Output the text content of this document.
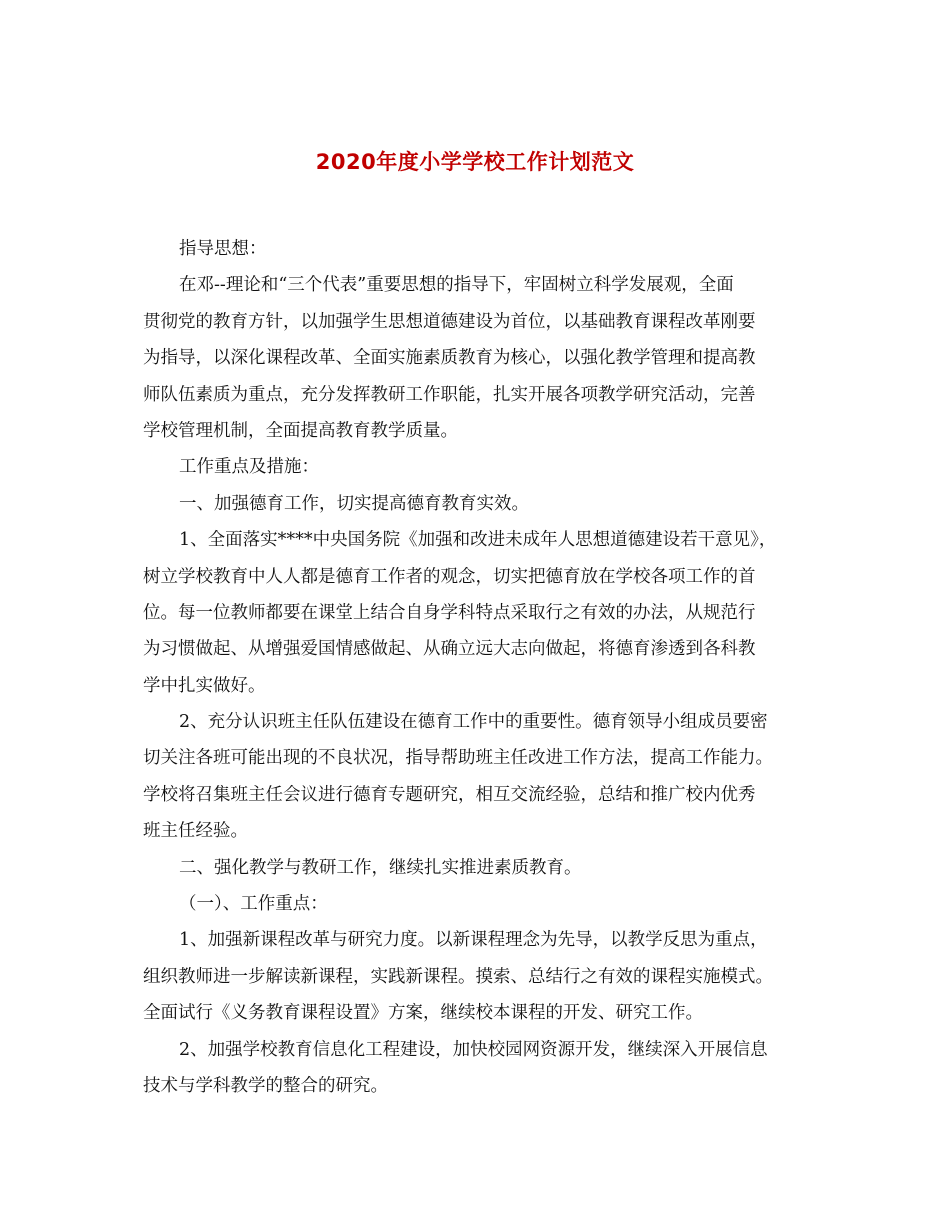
2020年度小学学校工作计划范文
指导思想：
在邓--理论和“三个代表”重要思想的指导下，牢固树立科学发展观，全面
贯彻党的教育方针，以加强学生思想道德建设为首位，以基础教育课程改革刚要
为指导，以深化课程改革、全面实施素质教育为核心，以强化教学管理和提高教
师队伍素质为重点，充分发挥教研工作职能，扎实开展各项教学研究活动，完善
学校管理机制，全面提高教育教学质量。
工作重点及措施：
一、加强德育工作，切实提高德育教育实效。
1、全面落实****中央国务院《加强和改进未成年人思想道德建设若干意见》，
树立学校教育中人人都是德育工作者的观念，切实把德育放在学校各项工作的首
位。每一位教师都要在课堂上结合自身学科特点采取行之有效的办法，从规范行
为习惯做起、从增强爱国情感做起、从确立远大志向做起，将德育渗透到各科教
学中扎实做好。
2、充分认识班主任队伍建设在德育工作中的重要性。德育领导小组成员要密
切关注各班可能出现的不良状况，指导帮助班主任改进工作方法，提高工作能力。
学校将召集班主任会议进行德育专题研究，相互交流经验，总结和推广校内优秀
班主任经验。
二、强化教学与教研工作，继续扎实推进素质教育。
（一）、工作重点：
1、加强新课程改革与研究力度。以新课程理念为先导，以教学反思为重点，
组织教师进一步解读新课程，实践新课程。摸索、总结行之有效的课程实施模式。
全面试行《义务教育课程设置》方案，继续校本课程的开发、研究工作。
2、加强学校教育信息化工程建设，加快校园网资源开发，继续深入开展信息
技术与学科教学的整合的研究。
